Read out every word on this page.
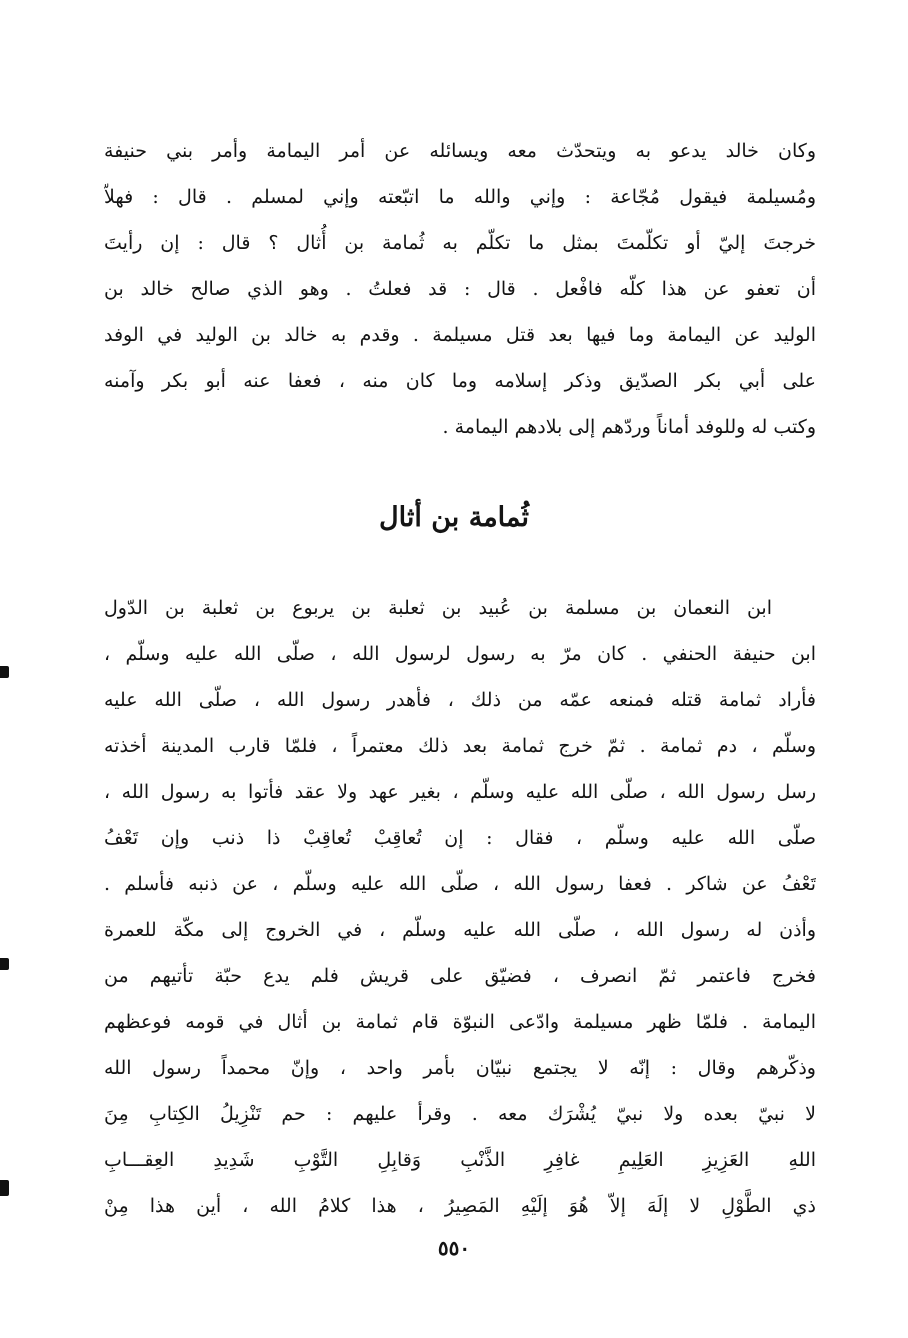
وكان خالد يدعو به ويتحدّث معه ويسائله عن أمر اليمامة وأمر بني حنيفة
ومُسيلمة فيقول مُجّاعة : وإني والله ما اتبّعته وإني لمسلم . قال : فهلاّ
خرجتَ إليّ أو تكلّمتَ بمثل ما تكلّم به ثُمامة بن أُثال ؟ قال : إن رأيتَ
أن تعفو عن هذا كلّه فافْعل . قال : قد فعلتُ . وهو الذي صالح خالد بن
الوليد عن اليمامة وما فيها بعد قتل مسيلمة . وقدم به خالد بن الوليد في الوفد
على أبي بكر الصدّيق وذكر إسلامه وما كان منه ، فعفا عنه أبو بكر وآمنه
وكتب له وللوفد أماناً وردّهم إلى بلادهم اليمامة .
ثُمامة بن أثال
ابن النعمان بن مسلمة بن عُبيد بن ثعلبة بن يربوع بن ثعلبة بن الدّول
ابن حنيفة الحنفي . كان مرّ به رسول لرسول الله ، صلّى الله عليه وسلّم ،
فأراد ثمامة قتله فمنعه عمّه من ذلك ، فأهدر رسول الله ، صلّى الله عليه
وسلّم ، دم ثمامة . ثمّ خرج ثمامة بعد ذلك معتمراً ، فلمّا قارب المدينة أخذته
رسل رسول الله ، صلّى الله عليه وسلّم ، بغير عهد ولا عقد فأتوا به رسول الله ،
صلّى الله عليه وسلّم ، فقال : إن تُعاقِبْ تُعاقِبْ ذا ذنب وإن تَعْفُ
تَعْفُ عن شاكر . فعفا رسول الله ، صلّى الله عليه وسلّم ، عن ذنبه فأسلم .
وأذن له رسول الله ، صلّى الله عليه وسلّم ، في الخروج إلى مكّة للعمرة
فخرج فاعتمر ثمّ انصرف ، فضيّق على قريش فلم يدع حبّة تأتيهم من
اليمامة . فلمّا ظهر مسيلمة وادّعى النبوّة قام ثمامة بن أثال في قومه فوعظهم
وذكّرهم وقال : إنّه لا يجتمع نبيّان بأمر واحد ، وإنّ محمداً رسول الله
لا نبيّ بعده ولا نبيّ يُشْرَك معه . وقرأ عليهم : حم تَنْزِيلُ الكِتابِ مِنَ
اللهِ العَزِيزِ العَلِيمِ غافِرِ الذَّنْبِ وَقابِلِ التَّوْبِ شَدِيدِ العِقـــابِ
ذي الطَّوْلِ لا إلَهَ إلاّ هُوَ إلَيْهِ المَصِيرُ ، هذا كلامُ الله ، أين هذا مِنْ
٥٥٠
